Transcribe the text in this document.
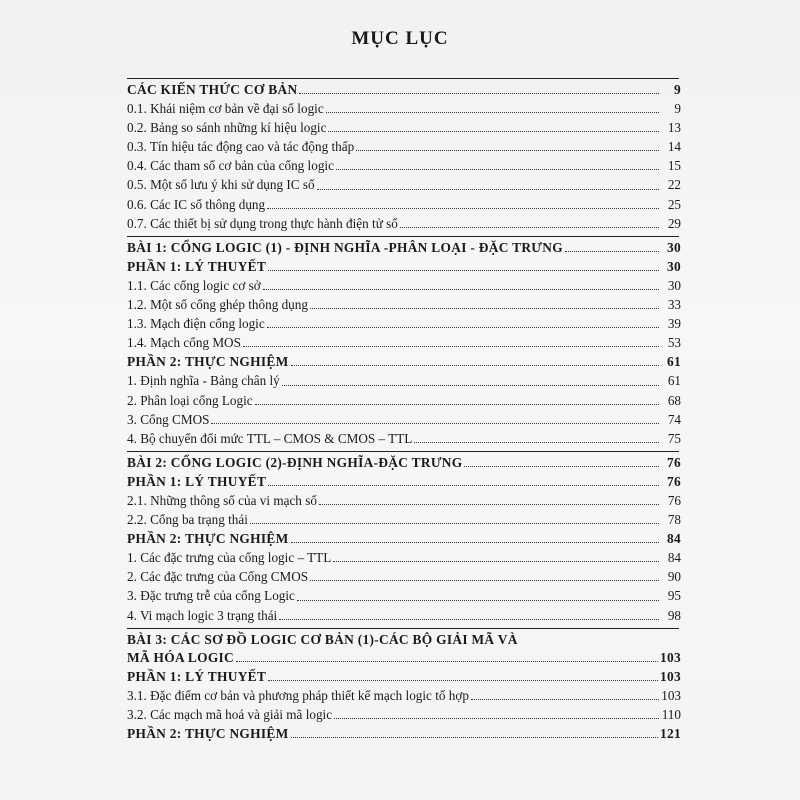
MỤC LỤC
CÁC KIẾN THỨC CƠ BẢN	9
0.1. Khái niệm cơ bản về đại số logic	9
0.2. Bảng so sánh những kí hiệu logic	13
0.3. Tín hiệu tác động cao và tác động thấp	14
0.4. Các tham số cơ bản của cổng logic	15
0.5. Một số lưu ý khi sử dụng IC số	22
0.6. Các IC số thông dụng	25
0.7. Các thiết bị sử dụng trong thực hành điện tử số	29
BÀI 1: CỔNG LOGIC (1) - ĐỊNH NGHĨA -PHÂN LOẠI - ĐẶC TRƯNG	30
PHẦN 1: LÝ THUYẾT	30
1.1. Các cổng logic cơ sở	30
1.2. Một số cổng ghép thông dụng	33
1.3. Mạch điện cổng logic	39
1.4. Mạch cổng MOS	53
PHẦN 2: THỰC NGHIỆM	61
1. Định nghĩa - Bảng chân lý	61
2. Phân loại cổng Logic	68
3. Cổng CMOS	74
4. Bộ chuyển đổi mức TTL – CMOS & CMOS – TTL	75
BÀI 2: CỔNG LOGIC (2)-ĐỊNH NGHĨA-ĐẶC TRƯNG	76
PHẦN 1: LÝ THUYẾT	76
2.1. Những thông số của vi mạch số	76
2.2. Cổng ba trạng thái	78
PHẦN 2: THỰC NGHIỆM	84
1. Các đặc trưng của cổng logic – TTL	84
2. Các đặc trưng của Cổng CMOS	90
3. Đặc trưng trễ của cổng Logic	95
4. Vi mạch logic 3 trạng thái	98
BÀI 3: CÁC SƠ ĐỒ LOGIC CƠ BẢN (1)-CÁC BỘ GIẢI MÃ VÀ
MÃ HÓA LOGIC	103
PHẦN 1: LÝ THUYẾT	103
3.1. Đặc điểm cơ bản và phương pháp thiết kế mạch logic tổ hợp	103
3.2. Các mạch mã hoá và giải mã logic	110
PHẦN 2: THỰC NGHIỆM	121
